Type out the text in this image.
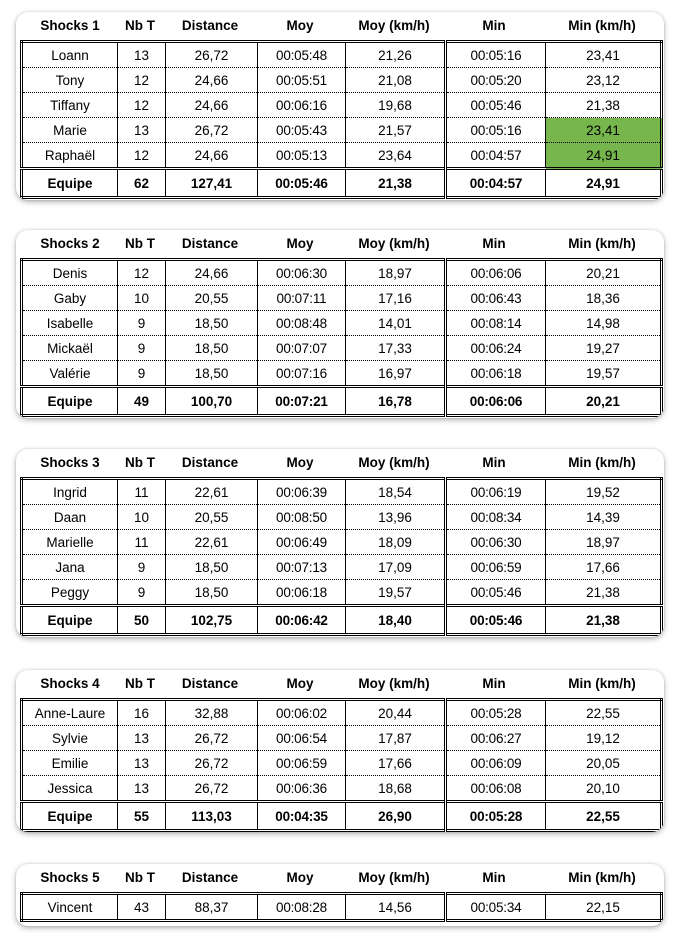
Shocks 1	Nb T	Distance	Moy	Moy (km/h)	Min	Min (km/h)
Loann	13	26,72	00:05:48	21,26	00:05:16	23,41
Tony	12	24,66	00:05:51	21,08	00:05:20	23,12
Tiffany	12	24,66	00:06:16	19,68	00:05:46	21,38
Marie	13	26,72	00:05:43	21,57	00:05:16	23,41
Raphaël	12	24,66	00:05:13	23,64	00:04:57	24,91
Equipe	62	127,41	00:05:46	21,38	00:04:57	24,91
Shocks 2	Nb T	Distance	Moy	Moy (km/h)	Min	Min (km/h)
Denis	12	24,66	00:06:30	18,97	00:06:06	20,21
Gaby	10	20,55	00:07:11	17,16	00:06:43	18,36
Isabelle	9	18,50	00:08:48	14,01	00:08:14	14,98
Mickaël	9	18,50	00:07:07	17,33	00:06:24	19,27
Valérie	9	18,50	00:07:16	16,97	00:06:18	19,57
Equipe	49	100,70	00:07:21	16,78	00:06:06	20,21
Shocks 3	Nb T	Distance	Moy	Moy (km/h)	Min	Min (km/h)
Ingrid	11	22,61	00:06:39	18,54	00:06:19	19,52
Daan	10	20,55	00:08:50	13,96	00:08:34	14,39
Marielle	11	22,61	00:06:49	18,09	00:06:30	18,97
Jana	9	18,50	00:07:13	17,09	00:06:59	17,66
Peggy	9	18,50	00:06:18	19,57	00:05:46	21,38
Equipe	50	102,75	00:06:42	18,40	00:05:46	21,38
Shocks 4	Nb T	Distance	Moy	Moy (km/h)	Min	Min (km/h)
Anne-Laure	16	32,88	00:06:02	20,44	00:05:28	22,55
Sylvie	13	26,72	00:06:54	17,87	00:06:27	19,12
Emilie	13	26,72	00:06:59	17,66	00:06:09	20,05
Jessica	13	26,72	00:06:36	18,68	00:06:08	20,10
Equipe	55	113,03	00:04:35	26,90	00:05:28	22,55
Shocks 5	Nb T	Distance	Moy	Moy (km/h)	Min	Min (km/h)
Vincent	43	88,37	00:08:28	14,56	00:05:34	22,15
